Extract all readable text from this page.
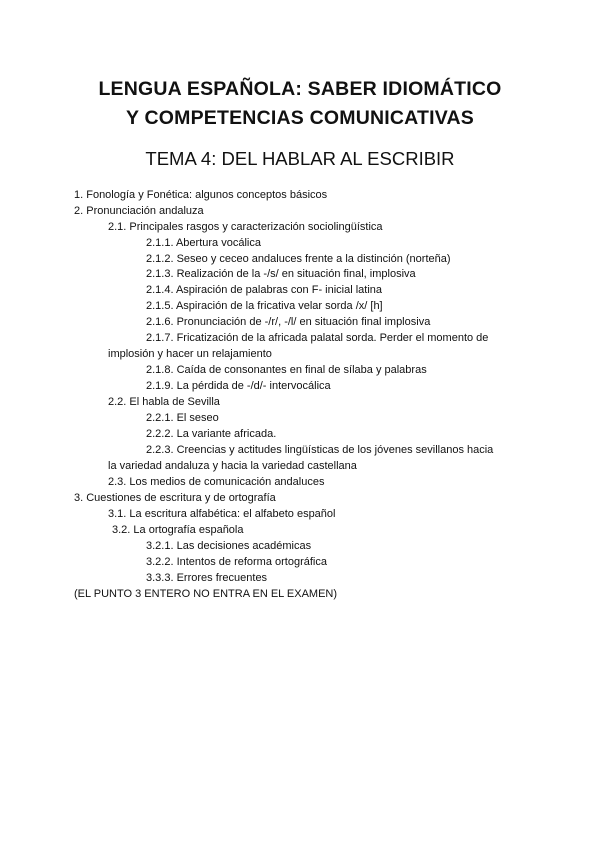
LENGUA ESPAÑOLA: SABER IDIOMÁTICO
Y COMPETENCIAS COMUNICATIVAS
TEMA 4: DEL HABLAR AL ESCRIBIR
1. Fonología y Fonética: algunos conceptos básicos
2. Pronunciación andaluza
2.1. Principales rasgos y caracterización sociolingüística
2.1.1. Abertura vocálica
2.1.2. Seseo y ceceo andaluces frente a la distinción (norteña)
2.1.3. Realización de la -/s/ en situación final, implosiva
2.1.4. Aspiración de palabras con F- inicial latina
2.1.5. Aspiración de la fricativa velar sorda /x/ [h]
2.1.6. Pronunciación de -/r/, -/l/ en situación final implosiva
2.1.7. Fricatización de la africada palatal sorda. Perder el momento de
implosión y hacer un relajamiento
2.1.8. Caída de consonantes en final de sílaba y palabras
2.1.9. La pérdida de -/d/- intervocálica
2.2. El habla de Sevilla
2.2.1. El seseo
2.2.2. La variante africada.
2.2.3. Creencias y actitudes lingüísticas de los jóvenes sevillanos hacia
la variedad andaluza y hacia la variedad castellana
2.3. Los medios de comunicación andaluces
3. Cuestiones de escritura y de ortografía
3.1. La escritura alfabética: el alfabeto español
3.2. La ortografía española
3.2.1. Las decisiones académicas
3.2.2. Intentos de reforma ortográfica
3.3.3. Errores frecuentes
(EL PUNTO 3 ENTERO NO ENTRA EN EL EXAMEN)
